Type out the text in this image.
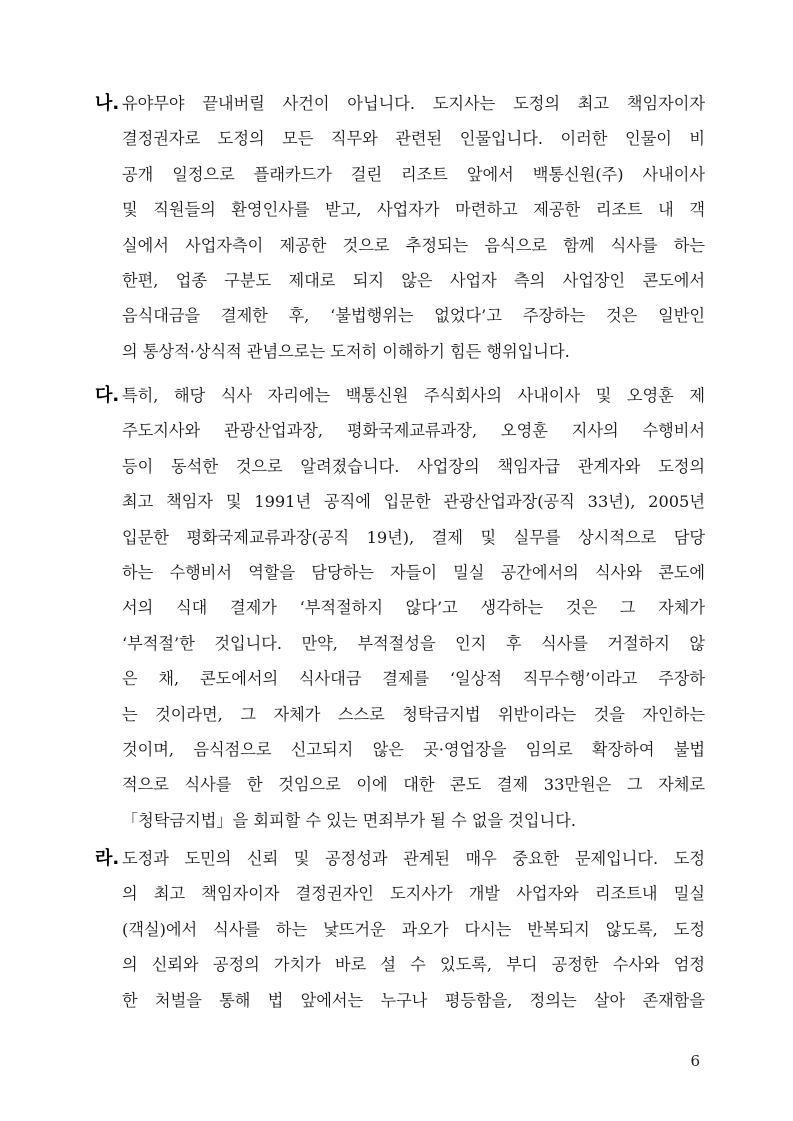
나. 유야무야 끝내버릴 사건이 아닙니다. 도지사는 도정의 최고 책임자이자
결정권자로 도정의 모든 직무와 관련된 인물입니다. 이러한 인물이 비
공개 일정으로 플래카드가 걸린 리조트 앞에서 백통신원(주) 사내이사
및 직원들의 환영인사를 받고, 사업자가 마련하고 제공한 리조트 내 객
실에서 사업자측이 제공한 것으로 추정되는 음식으로 함께 식사를 하는
한편, 업종 구분도 제대로 되지 않은 사업자 측의 사업장인 콘도에서
음식대금을 결제한 후, ‘불법행위는 없었다’고 주장하는 것은 일반인
의 통상적·상식적 관념으로는 도저히 이해하기 힘든 행위입니다.
다. 특히, 해당 식사 자리에는 백통신원 주식회사의 사내이사 및 오영훈 제
주도지사와 관광산업과장, 평화국제교류과장, 오영훈 지사의 수행비서
등이 동석한 것으로 알려졌습니다. 사업장의 책임자급 관계자와 도정의
최고 책임자 및 1991년 공직에 입문한 관광산업과장(공직 33년), 2005년
입문한 평화국제교류과장(공직 19년), 결제 및 실무를 상시적으로 담당
하는 수행비서 역할을 담당하는 자들이 밀실 공간에서의 식사와 콘도에
서의 식대 결제가 ‘부적절하지 않다’고 생각하는 것은 그 자체가
‘부적절’한 것입니다. 만약, 부적절성을 인지 후 식사를 거절하지 않
은 채, 콘도에서의 식사대금 결제를 ‘일상적 직무수행’이라고 주장하
는 것이라면, 그 자체가 스스로 청탁금지법 위반이라는 것을 자인하는
것이며, 음식점으로 신고되지 않은 곳·영업장을 임의로 확장하여 불법
적으로 식사를 한 것임으로 이에 대한 콘도 결제 33만원은 그 자체로
「청탁금지법」을 회피할 수 있는 면죄부가 될 수 없을 것입니다.
라. 도정과 도민의 신뢰 및 공정성과 관계된 매우 중요한 문제입니다. 도정
의 최고 책임자이자 결정권자인 도지사가 개발 사업자와 리조트내 밀실
(객실)에서 식사를 하는 낯뜨거운 과오가 다시는 반복되지 않도록, 도정
의 신뢰와 공정의 가치가 바로 설 수 있도록, 부디 공정한 수사와 엄정
한 처벌을 통해 법 앞에서는 누구나 평등함을, 정의는 살아 존재함을
6
